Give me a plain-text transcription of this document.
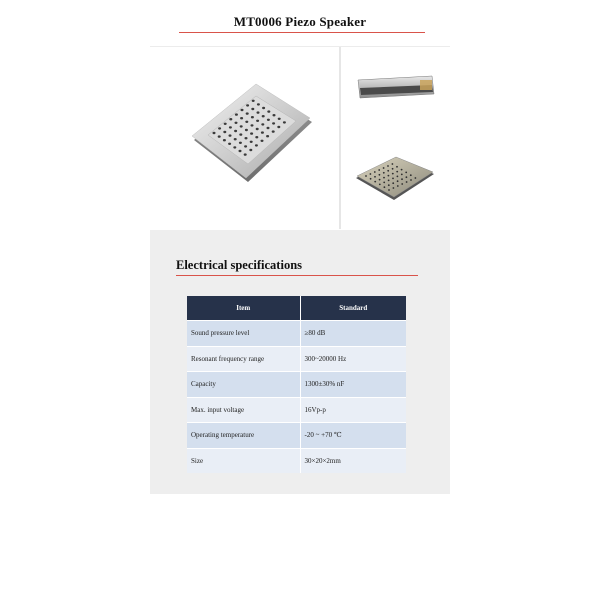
MT0006 Piezo Speaker
Electrical specifications
Item	Standard
Sound pressure level	≥80 dB
Resonant frequency range	300~20000 Hz
Capacity	1300±30% nF
Max. input voltage	16Vp-p
Operating temperature	-20 ~ +70 ℃
Size	30×20×2mm
